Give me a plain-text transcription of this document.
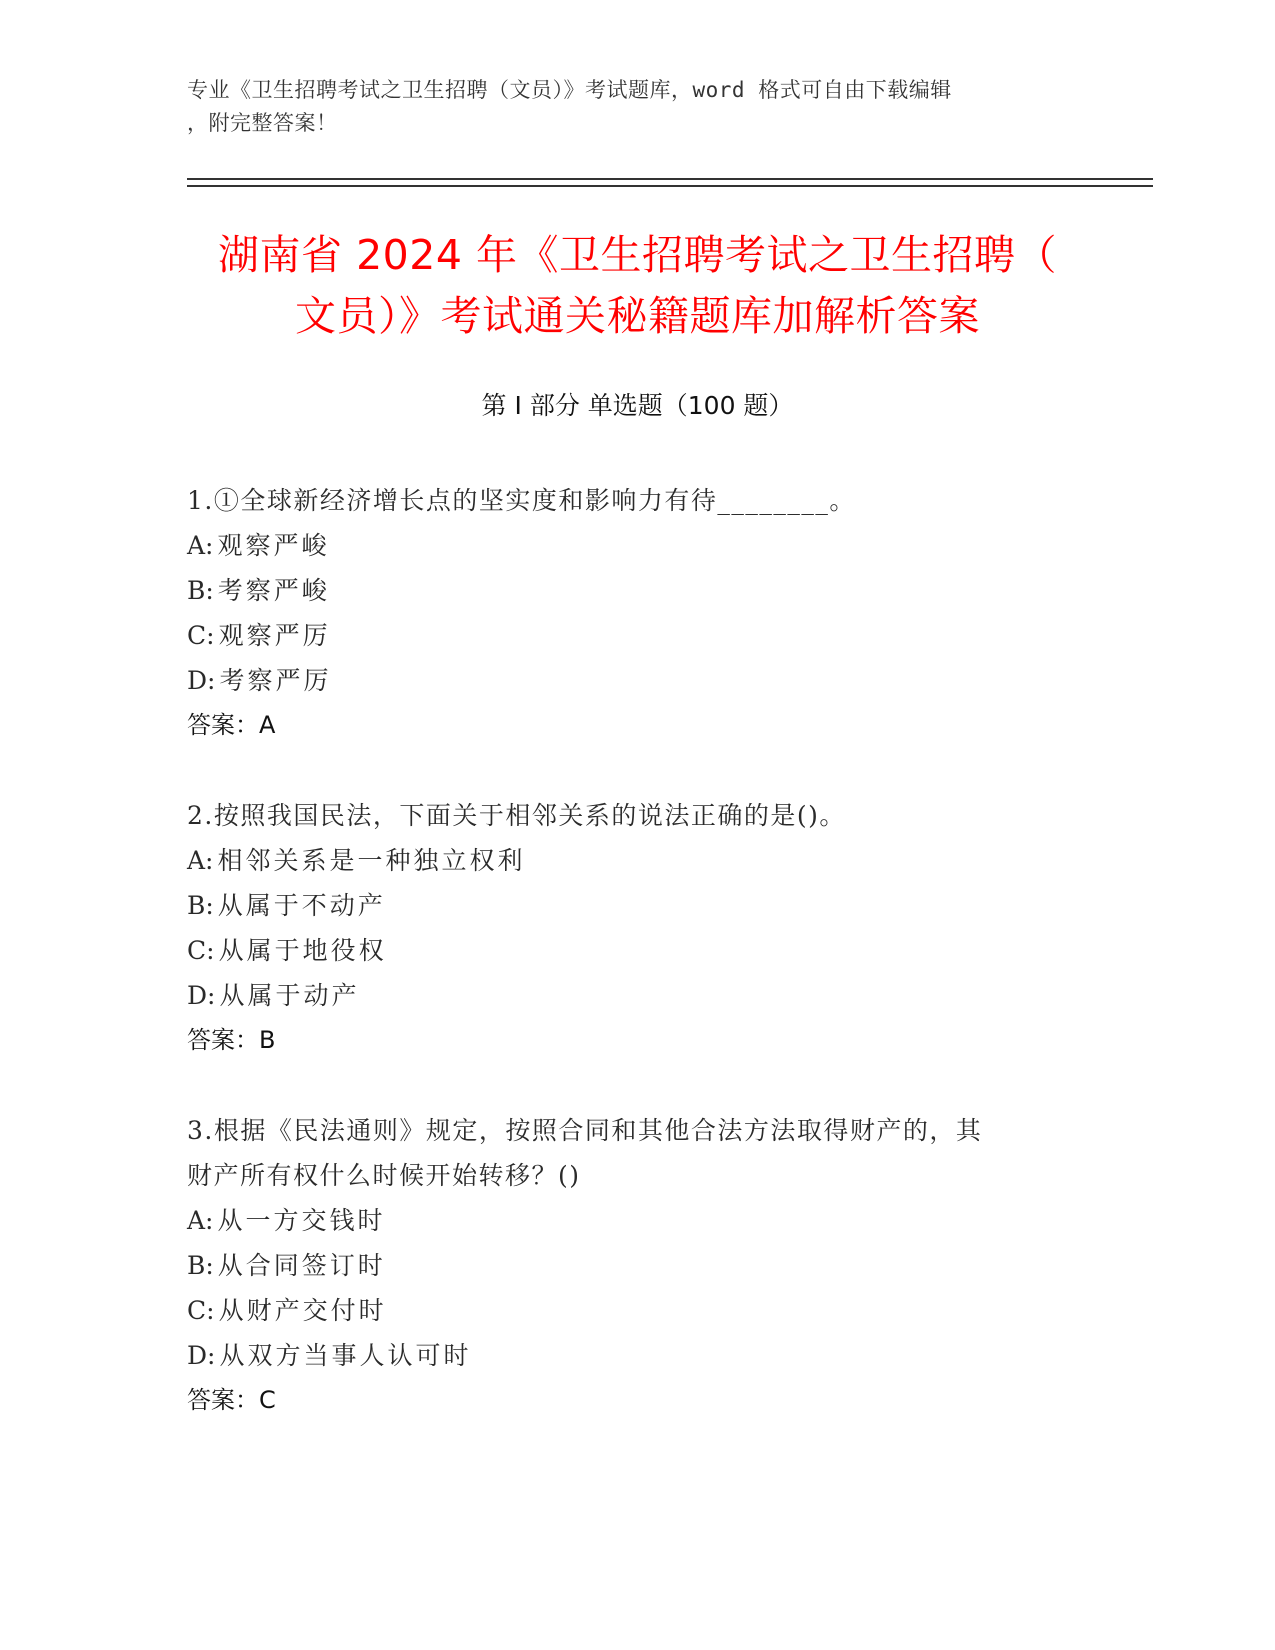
专业《卫生招聘考试之卫生招聘（文员）》考试题库，word 格式可自由下载编辑
，附完整答案！
湖南省 2024 年《卫生招聘考试之卫生招聘（
文员）》考试通关秘籍题库加解析答案
第 I 部分 单选题（100 题）
1.①全球新经济增长点的坚实度和影响力有待________。
A: 观察严峻
B: 考察严峻
C: 观察严厉
D: 考察严厉
答案：A
2.按照我国民法，下面关于相邻关系的说法正确的是()。
A: 相邻关系是一种独立权利
B: 从属于不动产
C: 从属于地役权
D: 从属于动产
答案：B
3.根据《民法通则》规定，按照合同和其他合法方法取得财产的，其
财产所有权什么时候开始转移？()
A: 从一方交钱时
B: 从合同签订时
C: 从财产交付时
D: 从双方当事人认可时
答案：C
